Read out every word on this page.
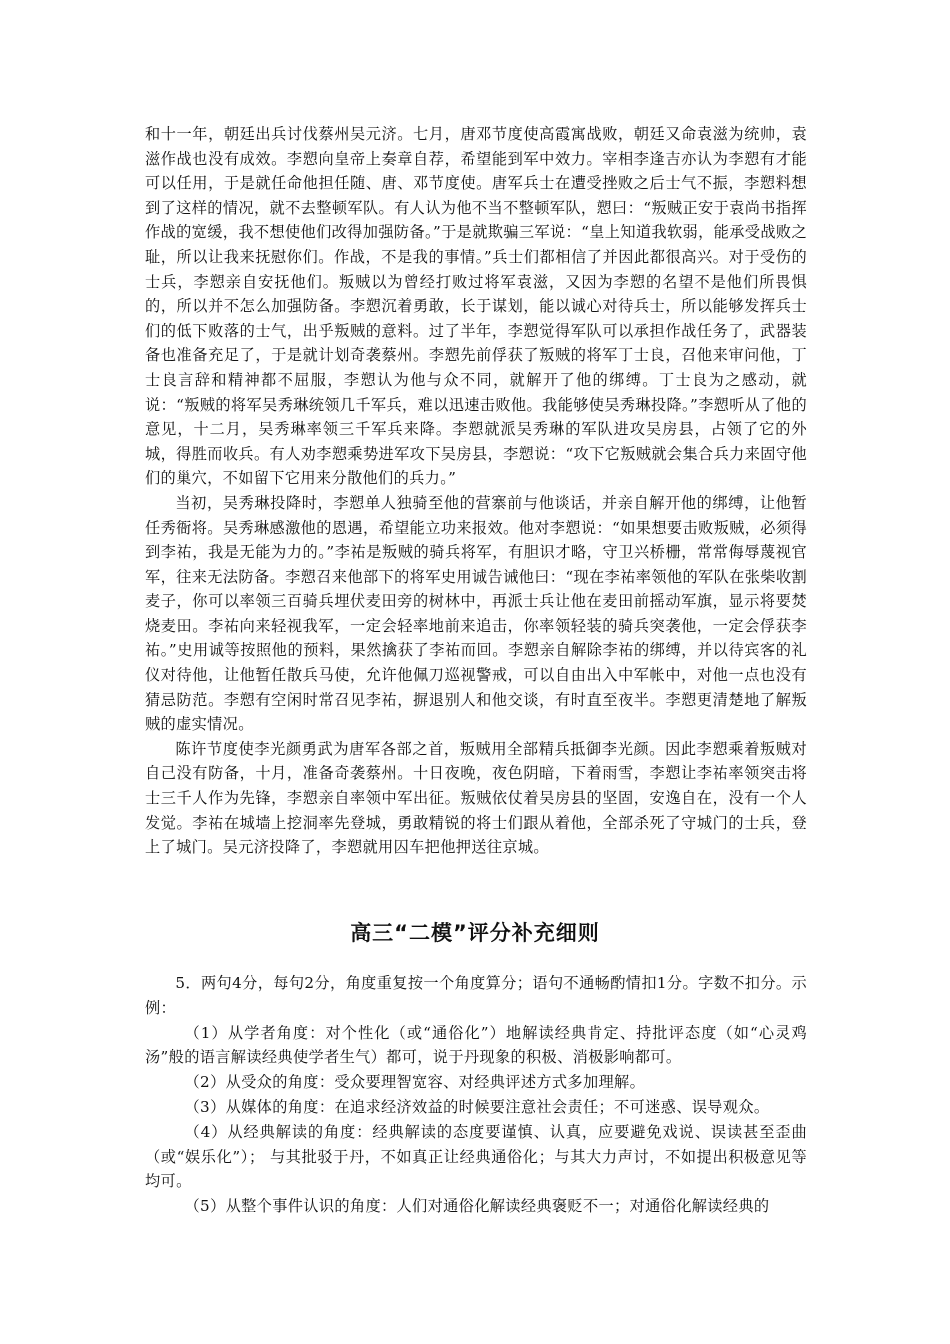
和十一年，朝廷出兵讨伐蔡州吴元济。七月，唐邓节度使高霞寓战败，朝廷又命袁滋为统帅，袁滋作战也没有成效。李愬向皇帝上奏章自荐，希望能到军中效力。宰相李逢吉亦认为李愬有才能可以任用，于是就任命他担任随、唐、邓节度使。唐军兵士在遭受挫败之后士气不振，李愬料想到了这样的情况，就不去整顿军队。有人认为他不当不整顿军队，愬曰：“叛贼正安于袁尚书指挥作战的宽缓，我不想使他们改得加强防备。”于是就欺骗三军说：“皇上知道我软弱，能承受战败之耻，所以让我来抚慰你们。作战，不是我的事情。”兵士们都相信了并因此都很高兴。对于受伤的士兵，李愬亲自安抚他们。叛贼以为曾经打败过将军袁滋，又因为李愬的名望不是他们所畏惧的，所以并不怎么加强防备。李愬沉着勇敢，长于谋划，能以诚心对待兵士，所以能够发挥兵士们的低下败落的士气，出乎叛贼的意料。过了半年，李愬觉得军队可以承担作战任务了，武器装备也准备充足了，于是就计划奇袭蔡州。李愬先前俘获了叛贼的将军丁士良，召他来审问他，丁士良言辞和精神都不屈服，李愬认为他与众不同，就解开了他的绑缚。丁士良为之感动，就说：“叛贼的将军吴秀琳统领几千军兵，难以迅速击败他。我能够使吴秀琳投降。”李愬听从了他的意见，十二月，吴秀琳率领三千军兵来降。李愬就派吴秀琳的军队进攻吴房县，占领了它的外城，得胜而收兵。有人劝李愬乘势进军攻下吴房县，李愬说：“攻下它叛贼就会集合兵力来固守他们的巢穴，不如留下它用来分散他们的兵力。”

当初，吴秀琳投降时，李愬单人独骑至他的营寨前与他谈话，并亲自解开他的绑缚，让他暂任秀衙将。吴秀琳感激他的恩遇，希望能立功来报效。他对李愬说：“如果想要击败叛贼，必须得到李祐，我是无能为力的。”李祐是叛贼的骑兵将军，有胆识才略，守卫兴桥栅，常常侮辱蔑视官军，往来无法防备。李愬召来他部下的将军史用诚告诫他曰：“现在李祐率领他的军队在张柴收割麦子，你可以率领三百骑兵埋伏麦田旁的树林中，再派士兵让他在麦田前摇动军旗，显示将要焚烧麦田。李祐向来轻视我军，一定会轻率地前来追击，你率领轻装的骑兵突袭他，一定会俘获李祐。”史用诚等按照他的预料，果然擒获了李祐而回。李愬亲自解除李祐的绑缚，并以待宾客的礼仪对待他，让他暂任散兵马使，允许他佩刀巡视警戒，可以自由出入中军帐中，对他一点也没有猜忌防范。李愬有空闲时常召见李祐，摒退别人和他交谈，有时直至夜半。李愬更清楚地了解叛贼的虚实情况。

陈许节度使李光颜勇武为唐军各部之首，叛贼用全部精兵抵御李光颜。因此李愬乘着叛贼对自己没有防备，十月，准备奇袭蔡州。十日夜晚，夜色阴暗，下着雨雪，李愬让李祐率领突击将士三千人作为先锋，李愬亲自率领中军出征。叛贼依仗着吴房县的坚固，安逸自在，没有一个人发觉。李祐在城墙上挖洞率先登城，勇敢精锐的将士们跟从着他，全部杀死了守城门的士兵，登上了城门。吴元济投降了，李愬就用囚车把他押送往京城。

高三“二模”评分补充细则

5．两句4分，每句2分，角度重复按一个角度算分；语句不通畅酌情扣1分。字数不扣分。示例：

（1）从学者角度：对个性化（或“通俗化”）地解读经典肯定、持批评态度（如“心灵鸡汤”般的语言解读经典使学者生气）都可，说于丹现象的积极、消极影响都可。

（2）从受众的角度：受众要理智宽容、对经典评述方式多加理解。

（3）从媒体的角度：在追求经济效益的时候要注意社会责任；不可迷惑、误导观众。

（4）从经典解读的角度：经典解读的态度要谨慎、认真，应要避免戏说、误读甚至歪曲（或“娱乐化”）； 与其批驳于丹，不如真正让经典通俗化；与其大力声讨，不如提出积极意见等均可。

（5）从整个事件认识的角度：人们对通俗化解读经典褒贬不一；对通俗化解读经典的
